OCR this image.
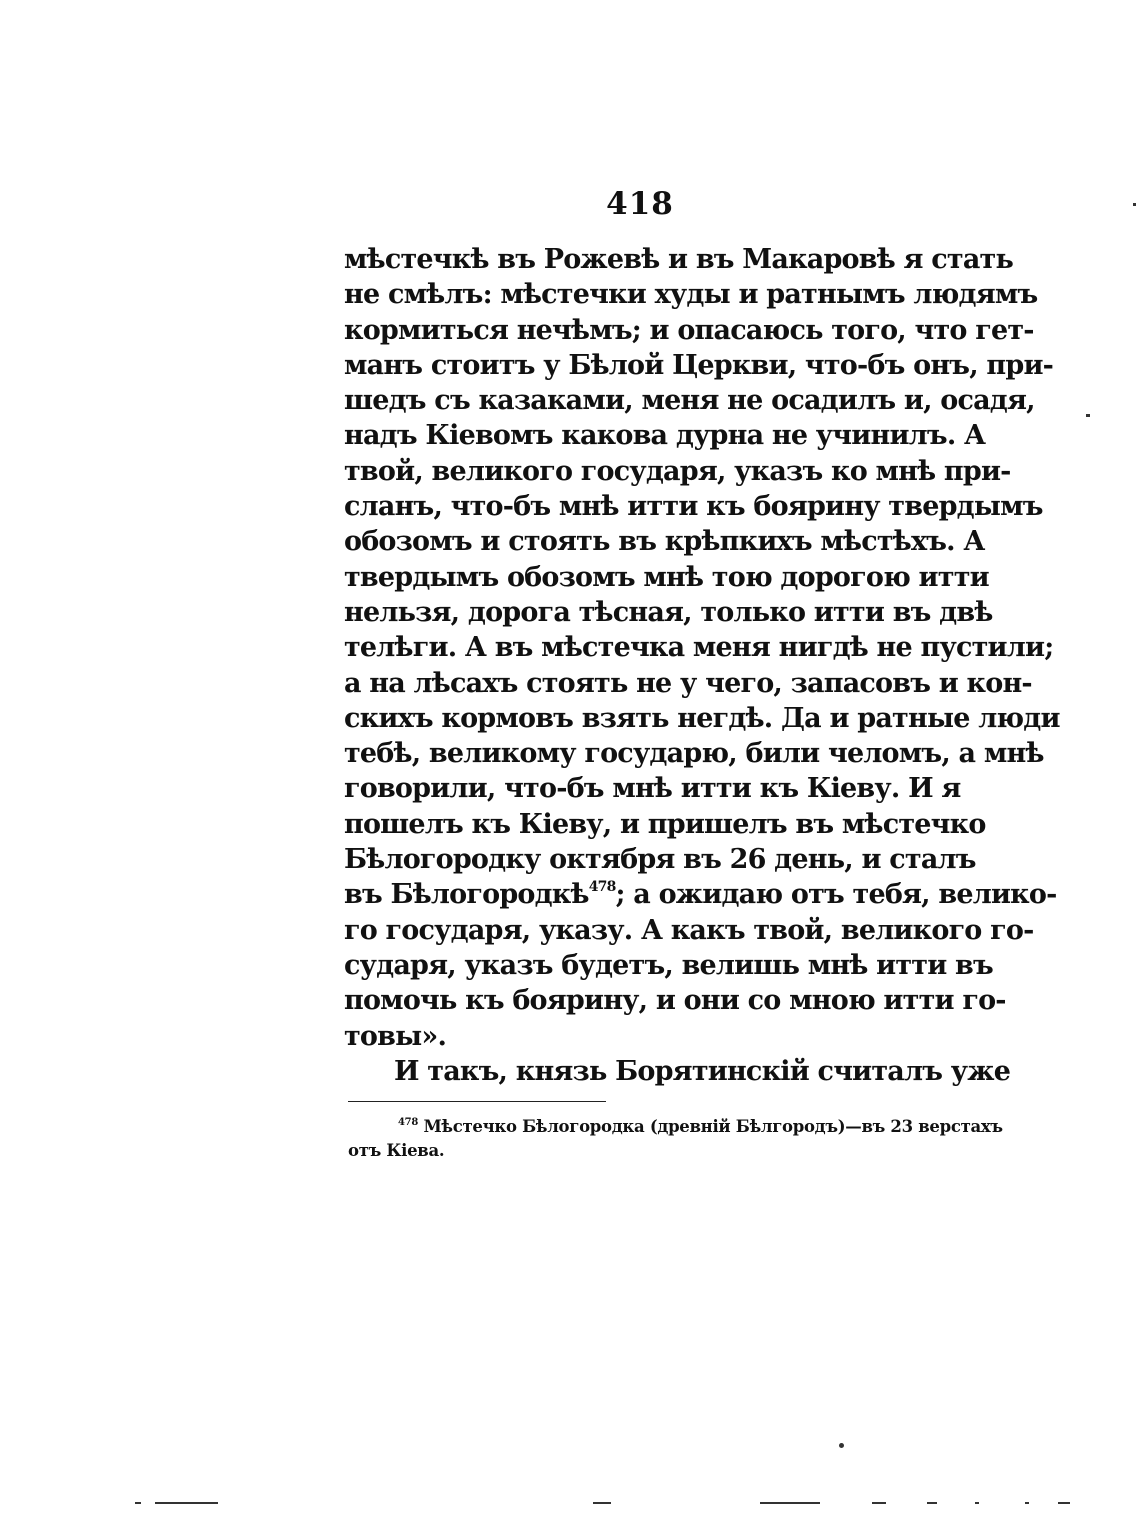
418
мѣстечкѣ въ Рожевѣ и въ Макаровѣ я стать
не смѣлъ: мѣстечки худы и ратнымъ людямъ
кормиться нечѣмъ; и опасаюсь того, что гет-
манъ стоитъ у Бѣлой Церкви, что-бъ онъ, при-
шедъ съ казаками, меня не осадилъ и, осадя,
надъ Кіевомъ какова дурна не учинилъ. А
твой, великого государя, указъ ко мнѣ при-
сланъ, что-бъ мнѣ итти къ боярину твердымъ
обозомъ и стоять въ крѣпкихъ мѣстѣхъ. А
твердымъ обозомъ мнѣ тою дорогою итти
нельзя, дорога тѣсная, только итти въ двѣ
телѣги. А въ мѣстечка меня нигдѣ не пустили;
а на лѣсахъ стоять не у чего, запасовъ и кон-
скихъ кормовъ взять негдѣ. Да и ратные люди
тебѣ, великому государю, били челомъ, а мнѣ
говорили, что-бъ мнѣ итти къ Кіеву. И я
пошелъ къ Кіеву, и пришелъ въ мѣстечко
Бѣлогородку октября въ 26 день, и сталъ
въ Бѣлогородкѣ$^{478}$; а ожидаю отъ тебя, велико-
го государя, указу. А какъ твой, великого го-
сударя, указъ будетъ, велишь мнѣ итти въ
помочь къ боярину, и они со мною итти го-
товы».
И такъ, князь Борятинскій считалъ уже
$^{478}$ Мѣстечко Бѣлогородка (древній Бѣлгородъ)—въ 23 верстахъ
отъ Кіева.
